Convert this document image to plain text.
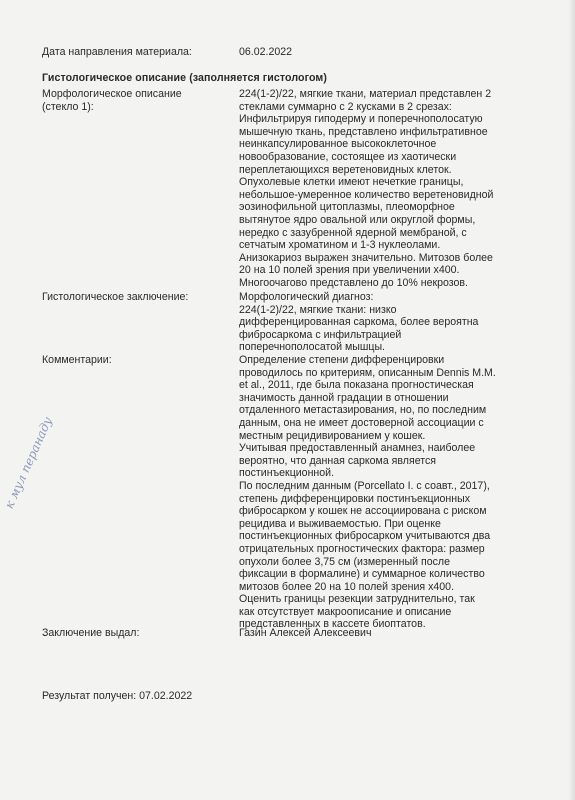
Дата направления материала:	06.02.2022
Гистологическое описание (заполняется гистологом)
Морфологическое описание (стекло 1):

224(1-2)/22, мягкие ткани, материал представлен 2

стеклами суммарно с 2 кусками в 2 срезах:

Инфильтрируя гиподерму и поперечнополосатую

мышечную ткань, представлено инфильтративное

неинкапсулированное высококлеточное

новообразование, состоящее из хаотически

переплетающихся веретеновидных клеток.

Опухолевые клетки имеют нечеткие границы,

небольшое-умеренное количество веретеновидной

эозинофильной цитоплазмы, плеоморфное

вытянутое ядро овальной или округлой формы,

нередко с зазубренной ядерной мембраной, с

сетчатым хроматином и 1-3 нуклеолами.

Анизокариоз выражен значительно. Митозов более

20 на 10 полей зрения при увеличении х400.

Многоочагово представлено до 10% некрозов.

Гистологическое заключение:	Морфологический диагноз:

224(1-2)/22, мягкие ткани: низко

дифференцированная саркома, более вероятна

фибросаркома с инфильтрацией

поперечнополосатой мышцы.

Комментарии:	Определение степени дифференцировки

проводилось по критериям, описанным Dennis M.M.

et al., 2011, где была показана прогностическая

значимость данной градации в отношении

отдаленного метастазирования, но, по последним

данным, она не имеет достоверной ассоциации с

местным рецидивированием у кошек.

Учитывая предоставленный анамнез, наиболее

вероятно, что данная саркома является

постинъекционной.

По последним данным (Porcellato I. с соавт., 2017),

степень дифференцировки постинъекционных

фибросарком у кошек не ассоциирована с риском

рецидива и выживаемостью. При оценке

постинъекционных фибросарком учитываются два

отрицательных прогностических фактора: размер

опухоли более 3,75 см (измеренный после

фиксации в формалине) и суммарное количество

митозов более 20 на 10 полей зрения х400.

Оценить границы резекции затруднительно, так

как отсутствует макроописание и описание

представленных в кассете биоптатов.

Заключение выдал:	Газин Алексей Алексеевич
Результат получен: 07.02.2022
к мул перанаду
